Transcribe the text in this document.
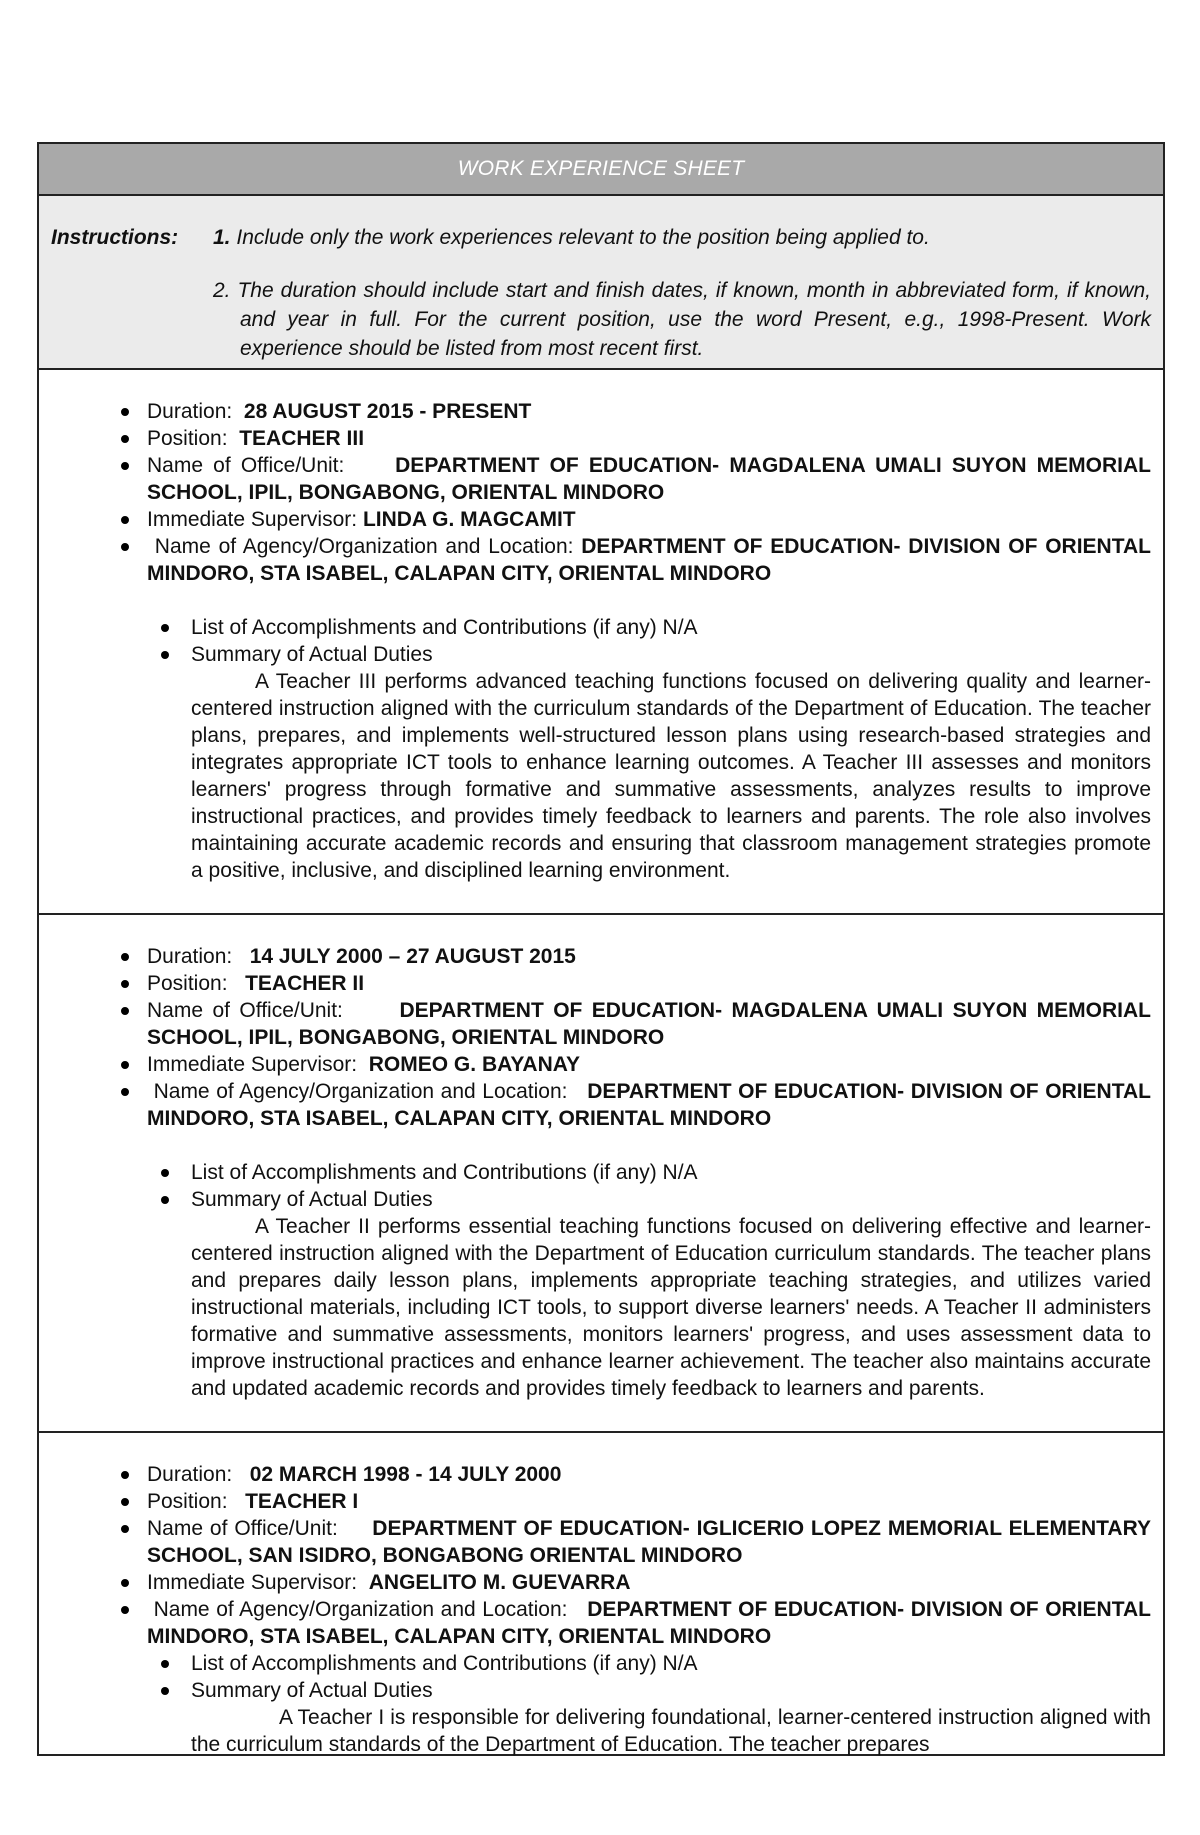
WORK EXPERIENCE SHEET
Instructions:	1. Include only the work experiences relevant to the position being applied to.
2. The duration should include start and finish dates, if known, month in abbreviated form, if known, and year in full. For the current position, use the word Present, e.g., 1998-Present. Work experience should be listed from most recent first.
Duration: 28 AUGUST 2015 - PRESENT
Position: TEACHER III
Name of Office/Unit: DEPARTMENT OF EDUCATION- MAGDALENA UMALI SUYON MEMORIAL SCHOOL, IPIL, BONGABONG, ORIENTAL MINDORO
Immediate Supervisor: LINDA G. MAGCAMIT
Name of Agency/Organization and Location: DEPARTMENT OF EDUCATION- DIVISION OF ORIENTAL MINDORO, STA ISABEL, CALAPAN CITY, ORIENTAL MINDORO
List of Accomplishments and Contributions (if any) N/A
Summary of Actual Duties
A Teacher III performs advanced teaching functions focused on delivering quality and learner-centered instruction aligned with the curriculum standards of the Department of Education. The teacher plans, prepares, and implements well-structured lesson plans using research-based strategies and integrates appropriate ICT tools to enhance learning outcomes. A Teacher III assesses and monitors learners' progress through formative and summative assessments, analyzes results to improve instructional practices, and provides timely feedback to learners and parents. The role also involves maintaining accurate academic records and ensuring that classroom management strategies promote a positive, inclusive, and disciplined learning environment.
Duration: 14 JULY 2000 – 27 AUGUST 2015
Position: TEACHER II
Name of Office/Unit:	DEPARTMENT OF EDUCATION- MAGDALENA UMALI SUYON MEMORIAL SCHOOL, IPIL, BONGABONG, ORIENTAL MINDORO
Immediate Supervisor: ROMEO G. BAYANAY
Name of Agency/Organization and Location: DEPARTMENT OF EDUCATION- DIVISION OF ORIENTAL MINDORO, STA ISABEL, CALAPAN CITY, ORIENTAL MINDORO
List of Accomplishments and Contributions (if any) N/A
Summary of Actual Duties
A Teacher II performs essential teaching functions focused on delivering effective and learner-centered instruction aligned with the Department of Education curriculum standards. The teacher plans and prepares daily lesson plans, implements appropriate teaching strategies, and utilizes varied instructional materials, including ICT tools, to support diverse learners' needs. A Teacher II administers formative and summative assessments, monitors learners' progress, and uses assessment data to improve instructional practices and enhance learner achievement. The teacher also maintains accurate and updated academic records and provides timely feedback to learners and parents.
Duration: 02 MARCH 1998 - 14 JULY 2000
Position: TEACHER I
Name of Office/Unit: DEPARTMENT OF EDUCATION- IGLICERIO LOPEZ MEMORIAL ELEMENTARY SCHOOL, SAN ISIDRO, BONGABONG ORIENTAL MINDORO
Immediate Supervisor: ANGELITO M. GUEVARRA
Name of Agency/Organization and Location: DEPARTMENT OF EDUCATION- DIVISION OF ORIENTAL MINDORO, STA ISABEL, CALAPAN CITY, ORIENTAL MINDORO
List of Accomplishments and Contributions (if any) N/A
Summary of Actual Duties
A Teacher I is responsible for delivering foundational, learner-centered instruction aligned with the curriculum standards of the Department of Education. The teacher prepares
